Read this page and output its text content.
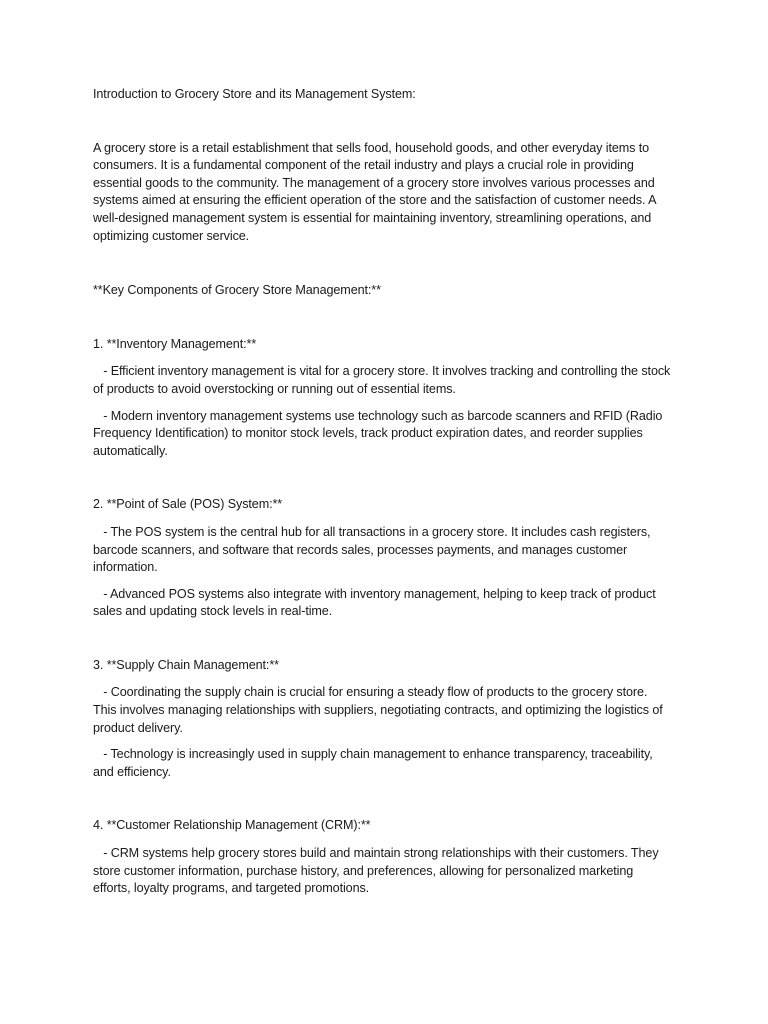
Introduction to Grocery Store and its Management System:

A grocery store is a retail establishment that sells food, household goods, and other everyday items to consumers. It is a fundamental component of the retail industry and plays a crucial role in providing essential goods to the community. The management of a grocery store involves various processes and systems aimed at ensuring the efficient operation of the store and the satisfaction of customer needs. A well-designed management system is essential for maintaining inventory, streamlining operations, and optimizing customer service.

**Key Components of Grocery Store Management:**

1. **Inventory Management:**

- Efficient inventory management is vital for a grocery store. It involves tracking and controlling the stock of products to avoid overstocking or running out of essential items.

- Modern inventory management systems use technology such as barcode scanners and RFID (Radio Frequency Identification) to monitor stock levels, track product expiration dates, and reorder supplies automatically.

2. **Point of Sale (POS) System:**

- The POS system is the central hub for all transactions in a grocery store. It includes cash registers, barcode scanners, and software that records sales, processes payments, and manages customer information.

- Advanced POS systems also integrate with inventory management, helping to keep track of product sales and updating stock levels in real-time.

3. **Supply Chain Management:**

- Coordinating the supply chain is crucial for ensuring a steady flow of products to the grocery store. This involves managing relationships with suppliers, negotiating contracts, and optimizing the logistics of product delivery.

- Technology is increasingly used in supply chain management to enhance transparency, traceability, and efficiency.

4. **Customer Relationship Management (CRM):**

- CRM systems help grocery stores build and maintain strong relationships with their customers. They store customer information, purchase history, and preferences, allowing for personalized marketing efforts, loyalty programs, and targeted promotions.
